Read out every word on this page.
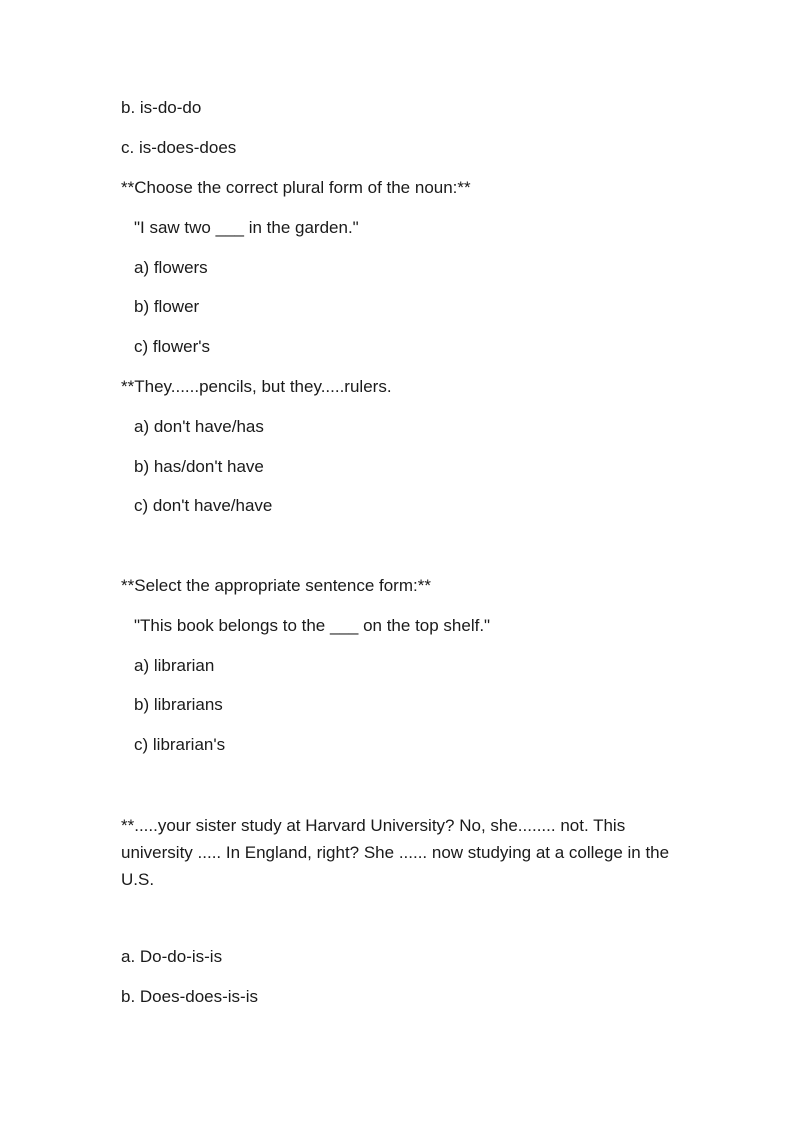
b. is-do-do
c. is-does-does
**Choose the correct plural form of the noun:**
"I saw two ___ in the garden."
a) flowers
b) flower
c) flower's
**They......pencils, but they.....rulers.
a) don't have/has
b) has/don't have
c) don't have/have
**Select the appropriate sentence form:**
"This book belongs to the ___ on the top shelf."
a) librarian
b) librarians
c) librarian's
**.....your sister study at Harvard University? No, she........ not. This university ..... In England, right? She ...... now studying at a college in the U.S.
a. Do-do-is-is
b. Does-does-is-is
